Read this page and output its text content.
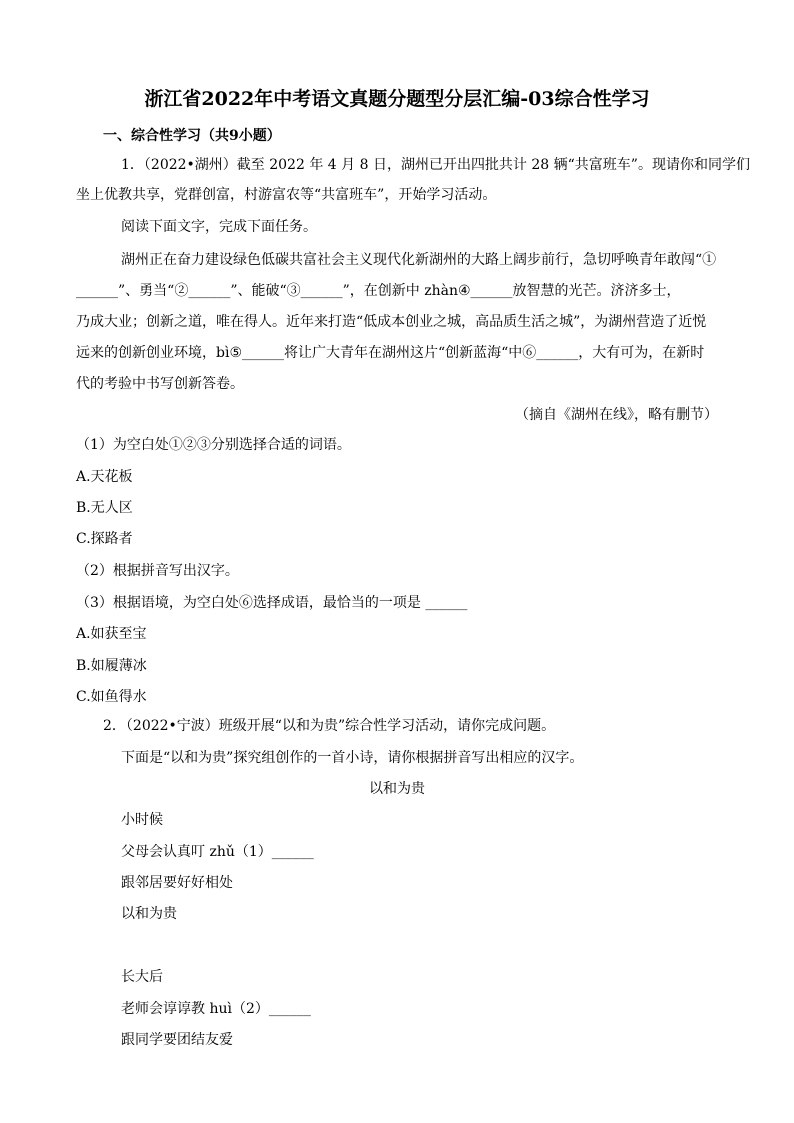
浙江省2022年中考语文真题分题型分层汇编-03综合性学习
一、综合性学习（共9小题）
1．（2022•湖州）截至 2022 年 4 月 8 日，湖州已开出四批共计 28 辆“共富班车”。现请你和同学们
坐上优教共享，党群创富，村游富农等“共富班车”，开始学习活动。
阅读下面文字，完成下面任务。
湖州正在奋力建设绿色低碳共富社会主义现代化新湖州的大路上阔步前行，急切呼唤青年敢闯“①
______”、勇当“②______”、能破“③______”，在创新中 zhàn④______放智慧的光芒。济济多士，
乃成大业；创新之道，唯在得人。近年来打造“低成本创业之城，高品质生活之城”，为湖州营造了近悦
远来的创新创业环境，bì⑤______将让广大青年在湖州这片“创新蓝海“中⑥______，大有可为，在新时
代的考验中书写创新答卷。
（摘自《湖州在线》，略有删节）
（1）为空白处①②③分别选择合适的词语。
A.天花板
B.无人区
C.探路者
（2）根据拼音写出汉字。
（3）根据语境，为空白处⑥选择成语，最恰当的一项是 ______
A.如获至宝
B.如履薄冰
C.如鱼得水
2．（2022•宁波）班级开展“以和为贵”综合性学习活动，请你完成问题。
下面是“以和为贵”探究组创作的一首小诗，请你根据拼音写出相应的汉字。
以和为贵
小时候
父母会认真叮 zhǔ（1）______
跟邻居要好好相处
以和为贵
长大后
老师会谆谆教 huì（2）______
跟同学要团结友爱
